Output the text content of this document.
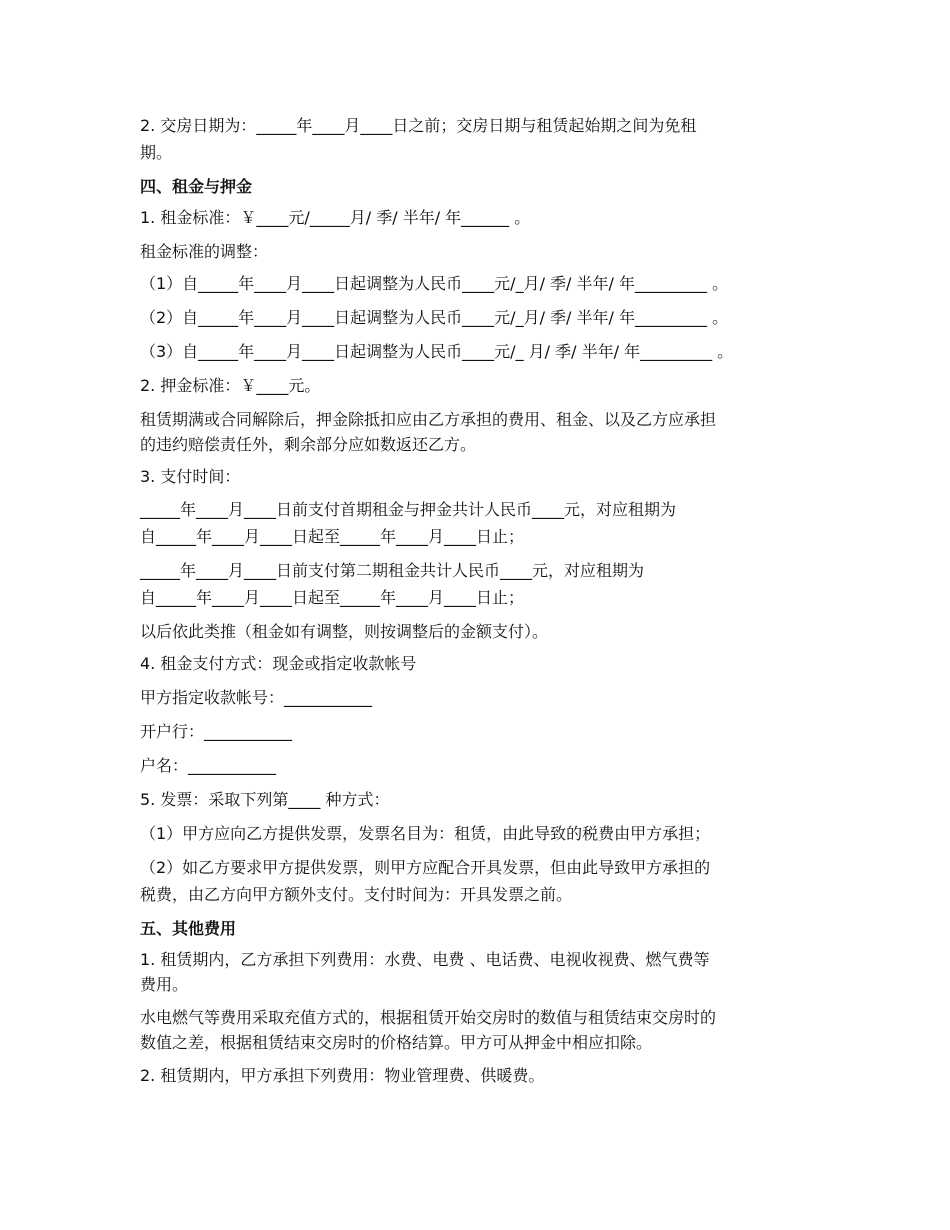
2. 交房日期为：_____年____月____日之前；交房日期与租赁起始期之间为免租
期。
四、租金与押金
1. 租金标准：￥____元/_____月/ 季/ 半年/ 年______ 。
租金标准的调整：
（1）自_____年____月____日起调整为人民币____元/_月/ 季/ 半年/ 年_________ 。
（2）自_____年____月____日起调整为人民币____元/_月/ 季/ 半年/ 年_________ 。
（3）自_____年____月____日起调整为人民币____元/_ 月/ 季/ 半年/ 年_________ 。
2. 押金标准：￥____元。
租赁期满或合同解除后，押金除抵扣应由乙方承担的费用、租金、以及乙方应承担
的违约赔偿责任外，剩余部分应如数返还乙方。
3. 支付时间：
_____年____月____日前支付首期租金与押金共计人民币____元，对应租期为
自_____年____月____日起至_____年____月____日止；
_____年____月____日前支付第二期租金共计人民币____元，对应租期为
自_____年____月____日起至_____年____月____日止；
以后依此类推（租金如有调整，则按调整后的金额支付）。
4. 租金支付方式：现金或指定收款帐号
甲方指定收款帐号：___________
开户行：___________
户名：___________
5. 发票：采取下列第____ 种方式：
（1）甲方应向乙方提供发票，发票名目为：租赁，由此导致的税费由甲方承担；
（2）如乙方要求甲方提供发票，则甲方应配合开具发票，但由此导致甲方承担的
税费，由乙方向甲方额外支付。支付时间为：开具发票之前。
五、其他费用
1. 租赁期内，乙方承担下列费用：水费、电费 、电话费、电视收视费、燃气费等
费用。
水电燃气等费用采取充值方式的，根据租赁开始交房时的数值与租赁结束交房时的
数值之差，根据租赁结束交房时的价格结算。甲方可从押金中相应扣除。
2. 租赁期内，甲方承担下列费用：物业管理费、供暖费。
